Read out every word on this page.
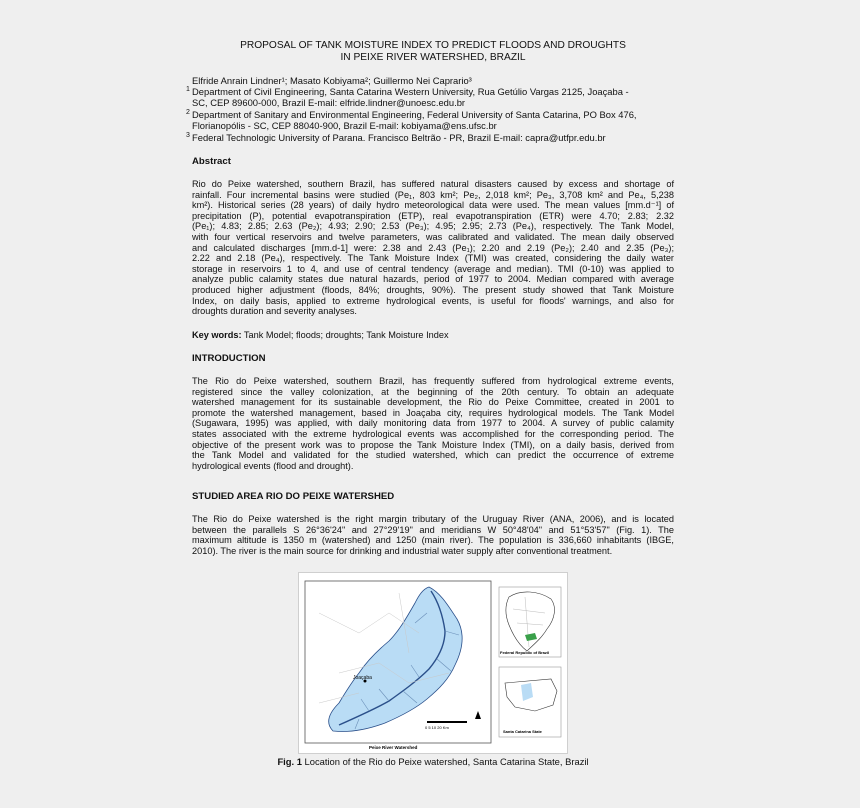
PROPOSAL OF TANK MOISTURE INDEX TO PREDICT FLOODS AND DROUGHTS
IN PEIXE RIVER WATERSHED, BRAZIL
Elfride Anrain Lindner¹; Masato Kobiyama²; Guillermo Nei Caprario³
1 Department of Civil Engineering, Santa Catarina Western University, Rua Getúlio Vargas 2125, Joaçaba -
SC, CEP 89600-000, Brazil E-mail: elfride.lindner@unoesc.edu.br
2 Department of Sanitary and Environmental Engineering, Federal University of Santa Catarina, PO Box 476,
Florianopólis - SC, CEP 88040-900, Brazil E-mail: kobiyama@ens.ufsc.br
3 Federal Technologic University of Parana. Francisco Beltrão - PR, Brazil E-mail: capra@utfpr.edu.br
Abstract
Rio do Peixe watershed, southern Brazil, has suffered natural disasters caused by excess and shortage of
rainfall. Four incremental basins were studied (Pe₁, 803 km²; Pe₂, 2,018 km²; Pe₃, 3,708 km² and Pe₄, 5,238
km²). Historical series (28 years) of daily hydro meteorological data were used. The mean values [mm.d⁻¹] of
precipitation (P), potential evapotranspiration (ETP), real evapotranspiration (ETR) were 4.70; 2.83; 2.32
(Pe₁); 4.83; 2.85; 2.63 (Pe₂); 4.93; 2.90; 2.53 (Pe₃); 4.95; 2.95; 2.73 (Pe₄), respectively. The Tank Model,
with four vertical reservoirs and twelve parameters, was calibrated and validated. The mean daily observed
and calculated discharges [mm.d-1] were: 2.38 and 2.43 (Pe₁); 2.20 and 2.19 (Pe₂); 2.40 and 2.35 (Pe₃);
2.22 and 2.18 (Pe₄), respectively. The Tank Moisture Index (TMI) was created, considering the daily water
storage in reservoirs 1 to 4, and use of central tendency (average and median). TMI (0-10) was applied to
analyze public calamity states due natural hazards, period of 1977 to 2004. Median compared with average
produced higher adjustment (floods, 84%; droughts, 90%). The present study showed that Tank Moisture
Index, on daily basis, applied to extreme hydrological events, is useful for floods' warnings, and also for
droughts duration and severity analyses.
Key words: Tank Model; floods; droughts; Tank Moisture Index
INTRODUCTION
The Rio do Peixe watershed, southern Brazil, has frequently suffered from hydrological extreme events,
registered since the valley colonization, at the beginning of the 20th century. To obtain an adequate
watershed management for its sustainable development, the Rio do Peixe Committee, created in 2001 to
promote the watershed management, based in Joaçaba city, requires hydrological models. The Tank Model
(Sugawara, 1995) was applied, with daily monitoring data from 1977 to 2004. A survey of public calamity
states associated with the extreme hydrological events was accomplished for the corresponding period. The
objective of the present work was to propose the Tank Moisture Index (TMI), on a daily basis, derived from
the Tank Model and validated for the studied watershed, which can predict the occurrence of extreme
hydrological events (flood and drought).
STUDIED AREA RIO DO PEIXE WATERSHED
The Rio do Peixe watershed is the right margin tributary of the Uruguay River (ANA, 2006), and is located
between the parallels S 26°36'24" and 27°29'19" and meridians W 50°48'04" and 51°53'57" (Fig. 1). The
maximum altitude is 1350 m (watershed) and 1250 (main river). The population is 336,660 inhabitants (IBGE,
2010). The river is the main source for drinking and industrial water supply after conventional treatment.
Joaçaba
0 5 10 20 Km
Peixe River Watershed
Federal Republic of Brazil
Santa Catarina State
Fig. 1 Location of the Rio do Peixe watershed, Santa Catarina State, Brazil
